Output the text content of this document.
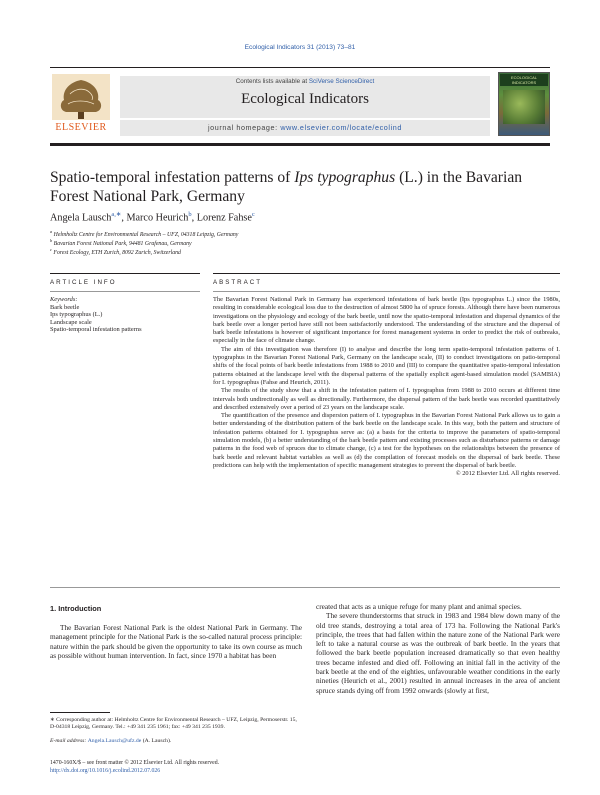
Ecological Indicators 31 (2013) 73–81
ELSEVIER
Contents lists available at SciVerse ScienceDirect
Ecological Indicators
journal homepage: www.elsevier.com/locate/ecolind
ECOLOGICAL INDICATORS
Spatio-temporal infestation patterns of Ips typographus (L.) in the Bavarian Forest National Park, Germany
Angela Lausch$^{a,∗}$, Marco Heurich$^b$, Lorenz Fahse$^c$
$^a$ Helmholtz Centre for Environmental Research – UFZ, 04318 Leipzig, Germany
$^b$ Bavarian Forest National Park, 94481 Grafenau, Germany
$^c$ Forest Ecology, ETH Zurich, 8092 Zurich, Switzerland
ARTICLE INFO	ABSTRACT
Keywords:
Bark beetle
Ips typographus (L.)
Landscape scale
Spatio-temporal infestation patterns

The Bavarian Forest National Park in Germany has experienced infestations of bark beetle (Ips typographus L.) since the 1980s, resulting in considerable ecological loss due to the destruction of almost 5800 ha of spruce forests. Although there have been numerous investigations on the physiology and ecology of the bark beetle, until now the spatio-temporal infestation and dispersal dynamics of the bark beetle over a longer period have still not been satisfactorily understood. The understanding of the structure and the dispersal of bark beetle infestations is however of significant importance for forest management systems in order to predict the risk of outbreaks, especially in the face of climate change.

The aim of this investigation was therefore (I) to analyse and describe the long term spatio-temporal infestation patterns of I. typographus in the Bavarian Forest National Park, Germany on the landscape scale, (II) to conduct investigations on patio-temporal shifts of the focal points of bark beetle infestations from 1988 to 2010 and (III) to compare the quantitative spatio-temporal infestation patterns obtained at the landscape level with the dispersal patterns of the spatially explicit agent-based simulation model (SAMBIA) for I. typographus (Fahse and Heurich, 2011).

The results of the study show that a shift in the infestation pattern of I. typographus from 1988 to 2010 occurs at different time intervals both undirectionally as well as directionally. Furthermore, the dispersal pattern of the bark beetle was recorded quantitatively and described extensively over a period of 23 years on the landscape scale.

The quantification of the presence and dispersion pattern of I. typographus in the Bavarian Forest National Park allows us to gain a better understanding of the distribution pattern of the bark beetle on the landscape scale. In this way, both the pattern and structure of infestation patterns obtained for I. typographus serve as: (a) a basis for the criteria to improve the parameters of spatio-temporal simulation models, (b) a better understanding of the bark beetle pattern and existing processes such as disturbance patterns or damage patterns in the food web of spruces due to climate change, (c) a test for the hypotheses on the relationships between the presence of bark beetle and relevant habitat variables as well as (d) the compilation of forecast models on the dispersal of bark beetle. These predictions can help with the implementation of specific management strategies to prevent the dispersal of bark beetle.

© 2012 Elsevier Ltd. All rights reserved.
1. Introduction

The Bavarian Forest National Park is the oldest National Park in Germany. The management principle for the National Park is the so-called natural process principle: nature within the park should be given the opportunity to take its own course as much as possible without human intervention. In fact, since 1970 a habitat has been

created that acts as a unique refuge for many plant and animal species.

The severe thunderstorms that struck in 1983 and 1984 blew down many of the old tree stands, destroying a total area of 173 ha. Following the National Park's principle, the trees that had fallen within the nature zone of the National Park were left to take a natural course as was the outbreak of bark beetle. In the years that followed the bark beetle population increased dramatically so that even healthy trees became infested and died off. Following an initial fall in the activity of the bark beetle at the end of the eighties, unfavourable weather conditions in the early nineties (Heurich et al., 2001) resulted in annual increases in the area of ancient spruce stands dying off from 1992 onwards (slowly at first,

∗ Corresponding author at: Helmholtz Centre for Environmental Research – UFZ, Leipzig, Permoserstr. 15, D-04318 Leipzig, Germany. Tel.: +49 341 235 1961; fax: +49 341 235 1939.
E-mail address: Angela.Lausch@ufz.de (A. Lausch).
1470-160X/$ – see front matter © 2012 Elsevier Ltd. All rights reserved.
http://dx.doi.org/10.1016/j.ecolind.2012.07.026
